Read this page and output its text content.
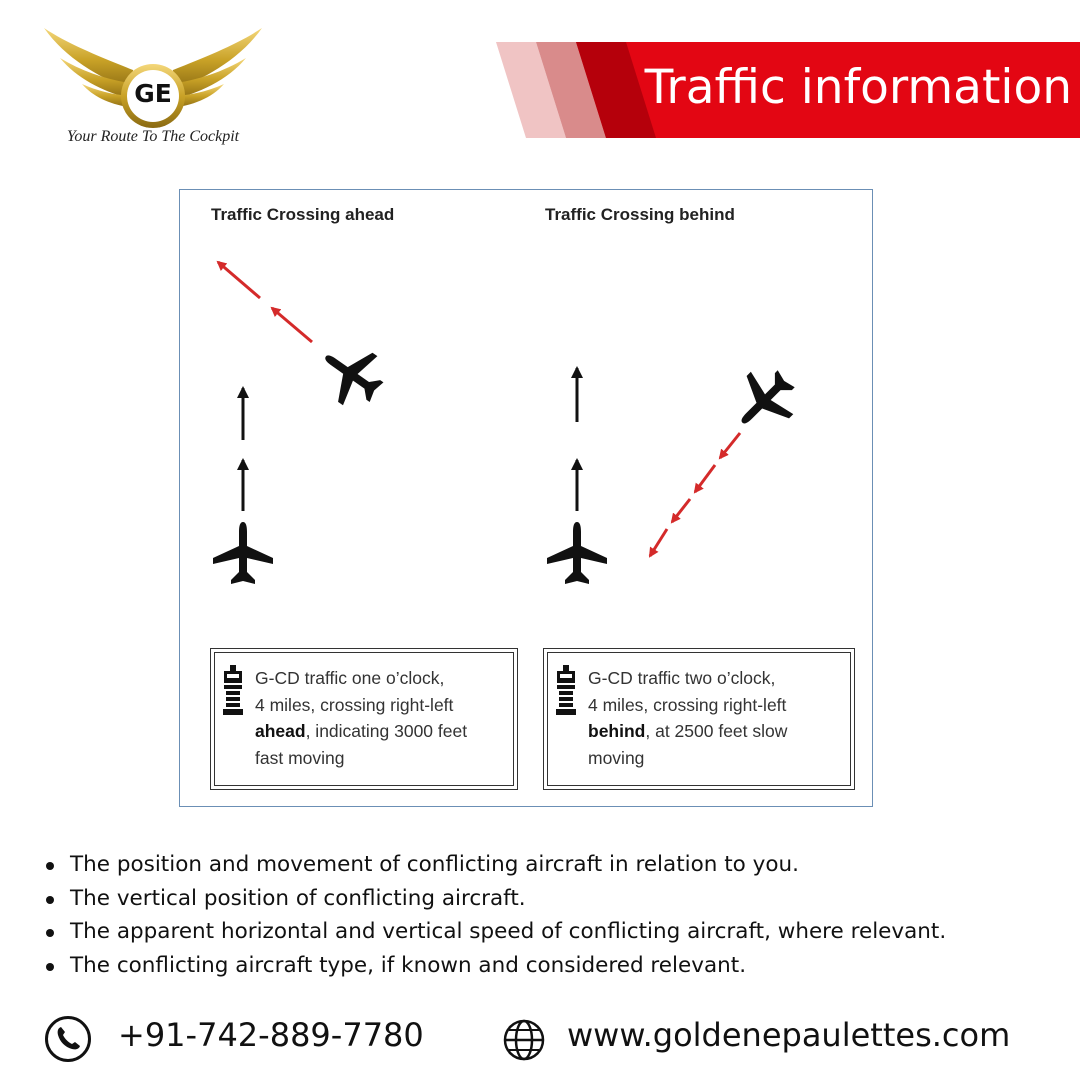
GE
Your Route To The Cockpit
Traffic information
Traffic Crossing ahead	Traffic Crossing behind
G-CD traffic one o’clock,
4 miles, crossing right-left
ahead, indicating 3000 feet
fast moving
G-CD traffic two o’clock,
4 miles, crossing right-left
behind, at 2500 feet slow
moving
The position and movement of conflicting aircraft in relation to you.
The vertical position of conflicting aircraft.
The apparent horizontal and vertical speed of conflicting aircraft, where relevant.
The conflicting aircraft type, if known and considered relevant.
+91-742-889-7780	www.goldenepaulettes.com
